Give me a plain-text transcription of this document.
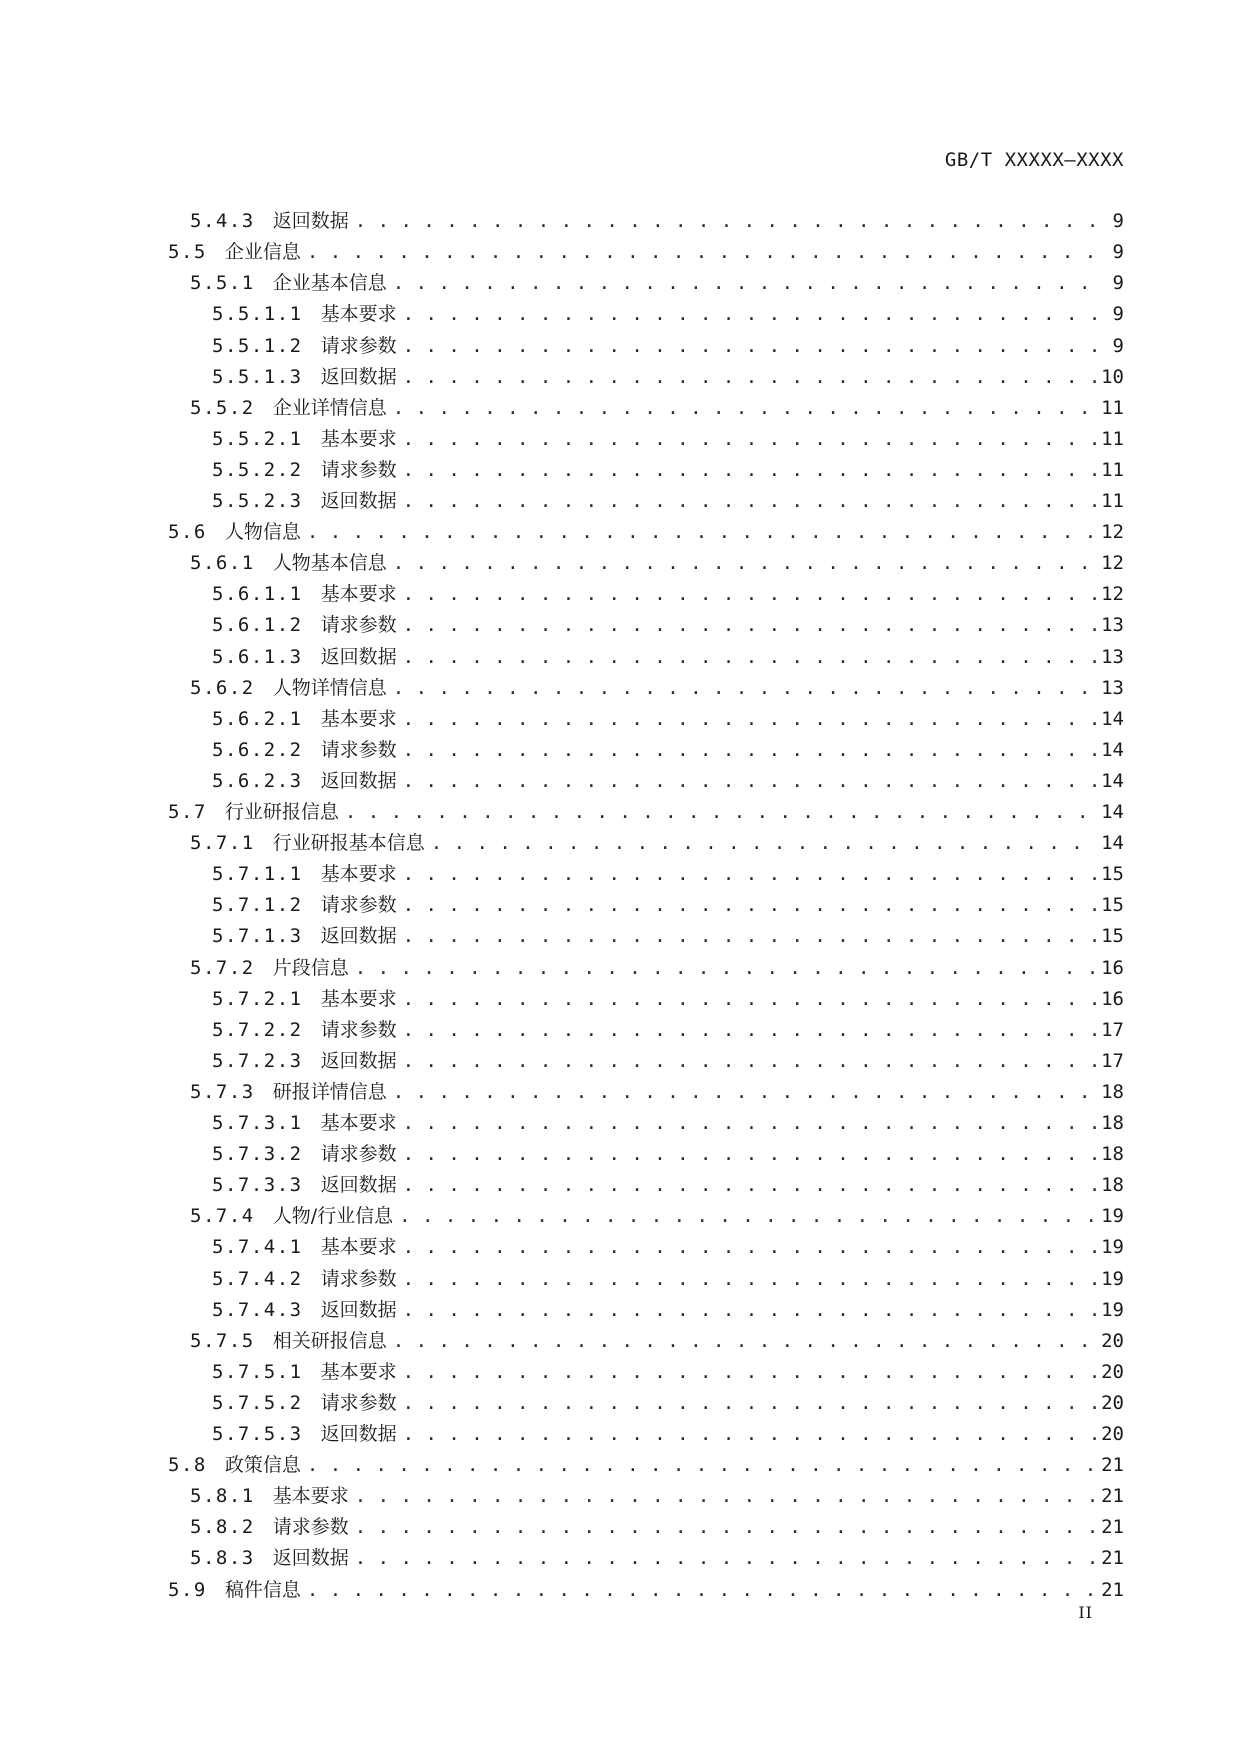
GB/T XXXXX—XXXX
5.4.3 返回数据 . . .	9
5.5 企业信息 . . .	9
5.5.1 企业基本信息 . . .	9
5.5.1.1 基本要求 . . .	9
5.5.1.2 请求参数 . . .	9
5.5.1.3 返回数据 . . .	10
5.5.2 企业详情信息 . . .	11
5.5.2.1 基本要求 . . .	11
5.5.2.2 请求参数 . . .	11
5.5.2.3 返回数据 . . .	11
5.6 人物信息 . . .	12
5.6.1 人物基本信息 . . .	12
5.6.1.1 基本要求 . . .	12
5.6.1.2 请求参数 . . .	13
5.6.1.3 返回数据 . . .	13
5.6.2 人物详情信息 . . .	13
5.6.2.1 基本要求 . . .	14
5.6.2.2 请求参数 . . .	14
5.6.2.3 返回数据 . . .	14
5.7 行业研报信息 . . .	14
5.7.1 行业研报基本信息 . . .	14
5.7.1.1 基本要求 . . .	15
5.7.1.2 请求参数 . . .	15
5.7.1.3 返回数据 . . .	15
5.7.2 片段信息 . . .	16
5.7.2.1 基本要求 . . .	16
5.7.2.2 请求参数 . . .	17
5.7.2.3 返回数据 . . .	17
5.7.3 研报详情信息 . . .	18
5.7.3.1 基本要求 . . .	18
5.7.3.2 请求参数 . . .	18
5.7.3.3 返回数据 . . .	18
5.7.4 人物/行业信息 . . .	19
5.7.4.1 基本要求 . . .	19
5.7.4.2 请求参数 . . .	19
5.7.4.3 返回数据 . . .	19
5.7.5 相关研报信息 . . .	20
5.7.5.1 基本要求 . . .	20
5.7.5.2 请求参数 . . .	20
5.7.5.3 返回数据 . . .	20
5.8 政策信息 . . .	21
5.8.1 基本要求 . . .	21
5.8.2 请求参数 . . .	21
5.8.3 返回数据 . . .	21
5.9 稿件信息 . . .	21
II
